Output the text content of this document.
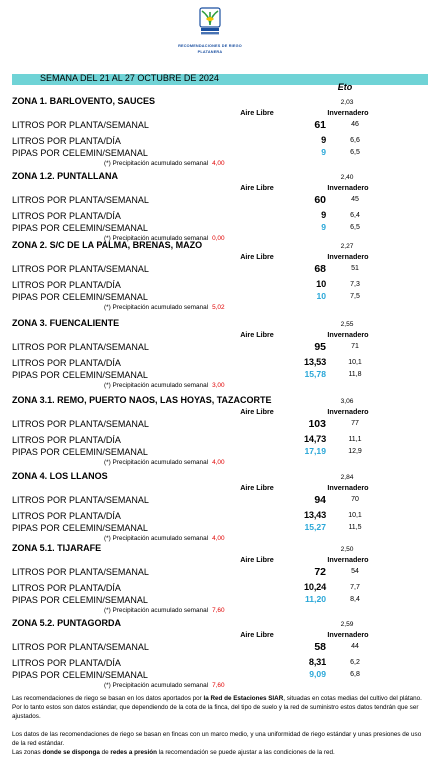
RECOMENDACIONES DE RIEGO
PLATANERA
SEMANA DEL 21 AL 27 OCTUBRE DE 2024
Eto
ZONA 1. BARLOVENTO, SAUCES	2,03
Aire Libre	Invernadero
LITROS POR PLANTA/SEMANAL	61	46
LITROS POR PLANTA/DÍA	9	6,6
PIPAS POR CELEMIN/SEMANAL	9	6,5
(*) Precipitación acumulado semanal 4,00
ZONA 1.2. PUNTALLANA	2,40
Aire Libre	Invernadero
LITROS POR PLANTA/SEMANAL	60	45
LITROS POR PLANTA/DÍA	9	6,4
PIPAS POR CELEMIN/SEMANAL	9	6,5
(*) Precipitación acumulado semanal 0,00
ZONA 2. S/C DE LA PALMA, BRENAS, MAZO	2,27
Aire Libre	Invernadero
LITROS POR PLANTA/SEMANAL	68	51
LITROS POR PLANTA/DÍA	10	7,3
PIPAS POR CELEMIN/SEMANAL	10	7,5
(*) Precipitación acumulado semanal 5,02
ZONA 3. FUENCALIENTE	2,55
Aire Libre	Invernadero
LITROS POR PLANTA/SEMANAL	95	71
LITROS POR PLANTA/DÍA	13,53	10,1
PIPAS POR CELEMIN/SEMANAL	15,78	11,8
(*) Precipitación acumulado semanal 3,00
ZONA 3.1. REMO, PUERTO NAOS, LAS HOYAS, TAZACORTE	3,06
Aire Libre	Invernadero
LITROS POR PLANTA/SEMANAL	103	77
LITROS POR PLANTA/DÍA	14,73	11,1
PIPAS POR CELEMIN/SEMANAL	17,19	12,9
(*) Precipitación acumulado semanal 4,00
ZONA 4. LOS LLANOS	2,84
Aire Libre	Invernadero
LITROS POR PLANTA/SEMANAL	94	70
LITROS POR PLANTA/DÍA	13,43	10,1
PIPAS POR CELEMIN/SEMANAL	15,27	11,5
(*) Precipitación acumulado semanal 4,00
ZONA 5.1. TIJARAFE	2,50
Aire Libre	Invernadero
LITROS POR PLANTA/SEMANAL	72	54
LITROS POR PLANTA/DÍA	10,24	7,7
PIPAS POR CELEMIN/SEMANAL	11,20	8,4
(*) Precipitación acumulado semanal 7,60
ZONA 5.2. PUNTAGORDA	2,59
Aire Libre	Invernadero
LITROS POR PLANTA/SEMANAL	58	44
LITROS POR PLANTA/DÍA	8,31	6,2
PIPAS POR CELEMIN/SEMANAL	9,09	6,8
(*) Precipitación acumulado semanal 7,60
Las recomendaciones de riego se basan en los datos aportados por la Red de Estaciones SIAR, situadas en cotas medias del cultivo del plátano. Por lo tanto estos son datos estándar, que dependiendo de la cota de la finca, del tipo de suelo y la red de suministro estos datos tendrán que ser ajustados.
Los datos de las recomendaciones de riego se basan en fincas con un marco medio, y una uniformidad de riego estándar y unas presiones de uso de la red estándar.
Las zonas donde se disponga de redes a presión la recomendación se puede ajustar a las condiciones de la red.
